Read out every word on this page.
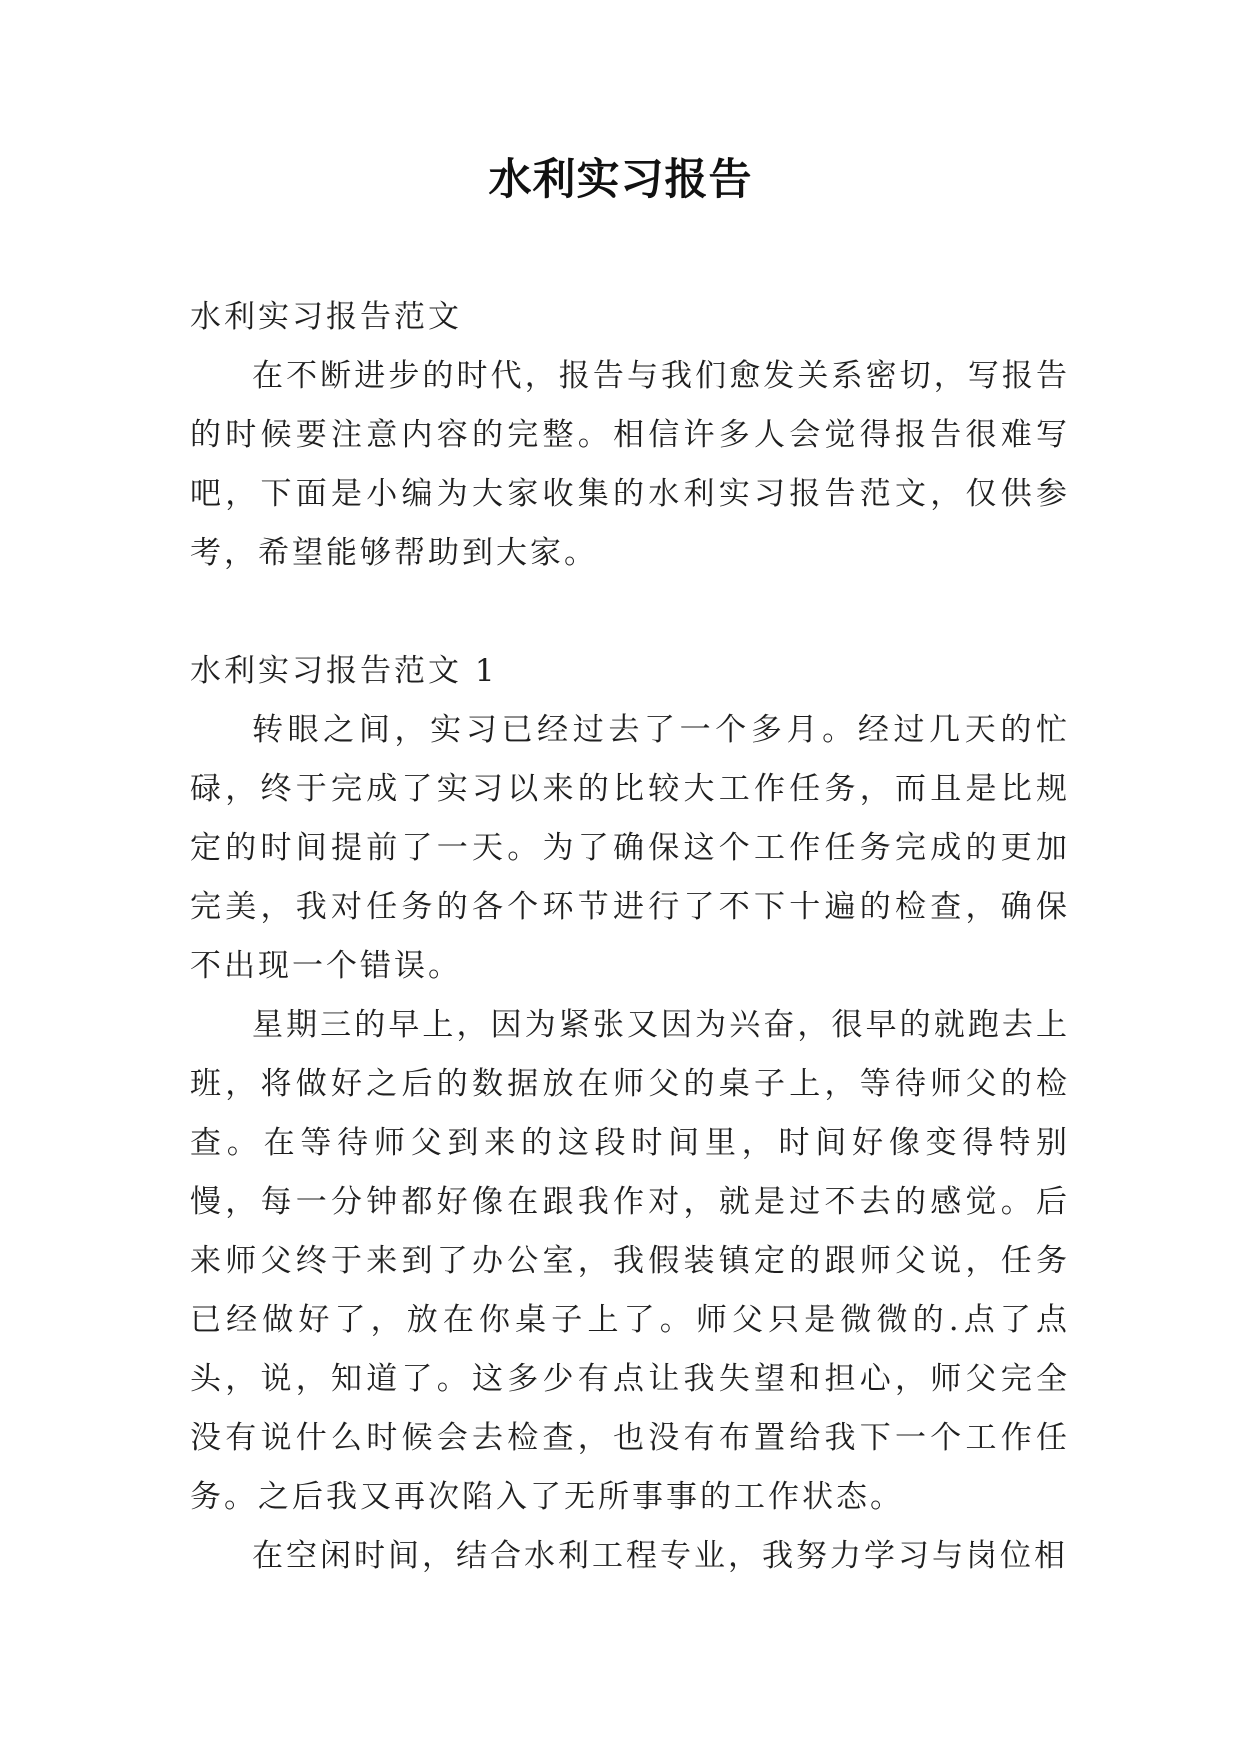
水利实习报告

水利实习报告范文

在不断进步的时代，报告与我们愈发关系密切，写报告的时候要注意内容的完整。相信许多人会觉得报告很难写吧，下面是小编为大家收集的水利实习报告范文，仅供参考，希望能够帮助到大家。

水利实习报告范文 1

转眼之间，实习已经过去了一个多月。经过几天的忙碌，终于完成了实习以来的比较大工作任务，而且是比规定的时间提前了一天。为了确保这个工作任务完成的更加完美，我对任务的各个环节进行了不下十遍的检查，确保不出现一个错误。

星期三的早上，因为紧张又因为兴奋，很早的就跑去上班，将做好之后的数据放在师父的桌子上，等待师父的检查。在等待师父到来的这段时间里，时间好像变得特别慢，每一分钟都好像在跟我作对，就是过不去的感觉。后来师父终于来到了办公室，我假装镇定的跟师父说，任务已经做好了，放在你桌子上了。师父只是微微的.点了点头，说，知道了。这多少有点让我失望和担心，师父完全没有说什么时候会去检查，也没有布置给我下一个工作任务。之后我又再次陷入了无所事事的工作状态。

在空闲时间，结合水利工程专业，我努力学习与岗位相
